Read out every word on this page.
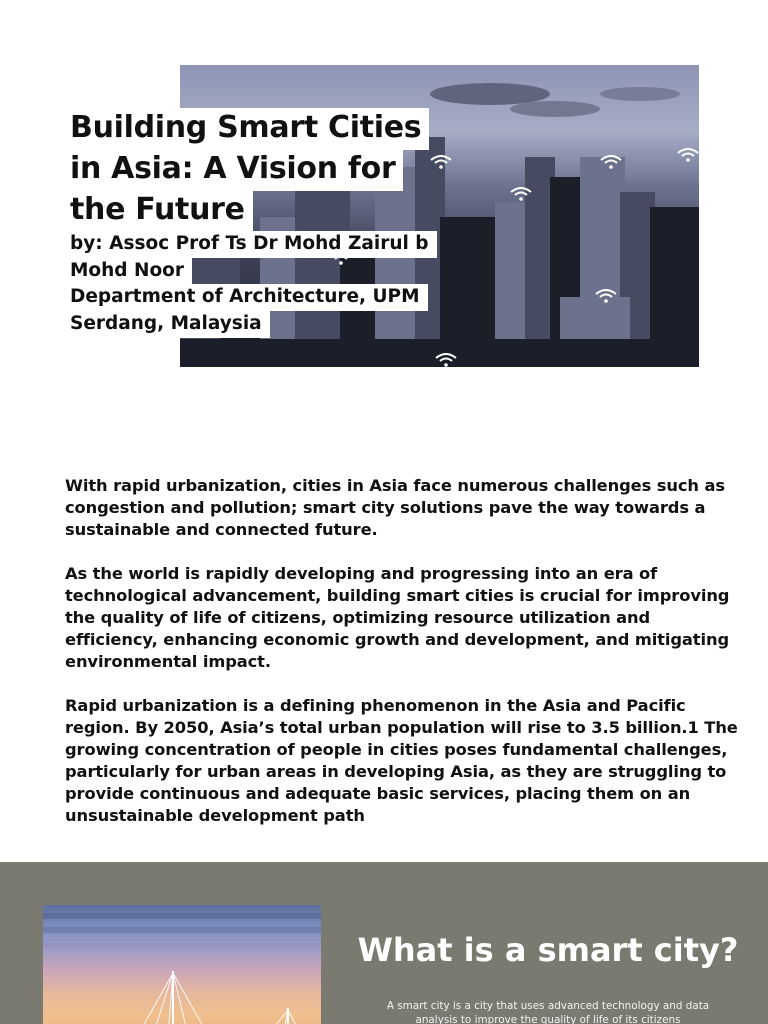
Building Smart Cities
in Asia: A Vision for
the Future
by: Assoc Prof Ts Dr Mohd Zairul b
Mohd Noor
Department of Architecture, UPM
Serdang, Malaysia

With rapid urbanization, cities in Asia face numerous challenges such as congestion and pollution; smart city solutions pave the way towards a sustainable and connected future.

As the world is rapidly developing and progressing into an era of technological advancement, building smart cities is crucial for improving the quality of life of citizens, optimizing resource utilization and efficiency, enhancing economic growth and development, and mitigating environmental impact.

Rapid urbanization is a defining phenomenon in the Asia and Pacific region. By 2050, Asia’s total urban population will rise to 3.5 billion.1 The growing concentration of people in cities poses fundamental challenges, particularly for urban areas in developing Asia, as they are struggling to provide continuous and adequate basic services, placing them on an unsustainable development path

What is a smart city?
A smart city is a city that uses advanced technology and data analysis to improve the quality of life of its citizens
